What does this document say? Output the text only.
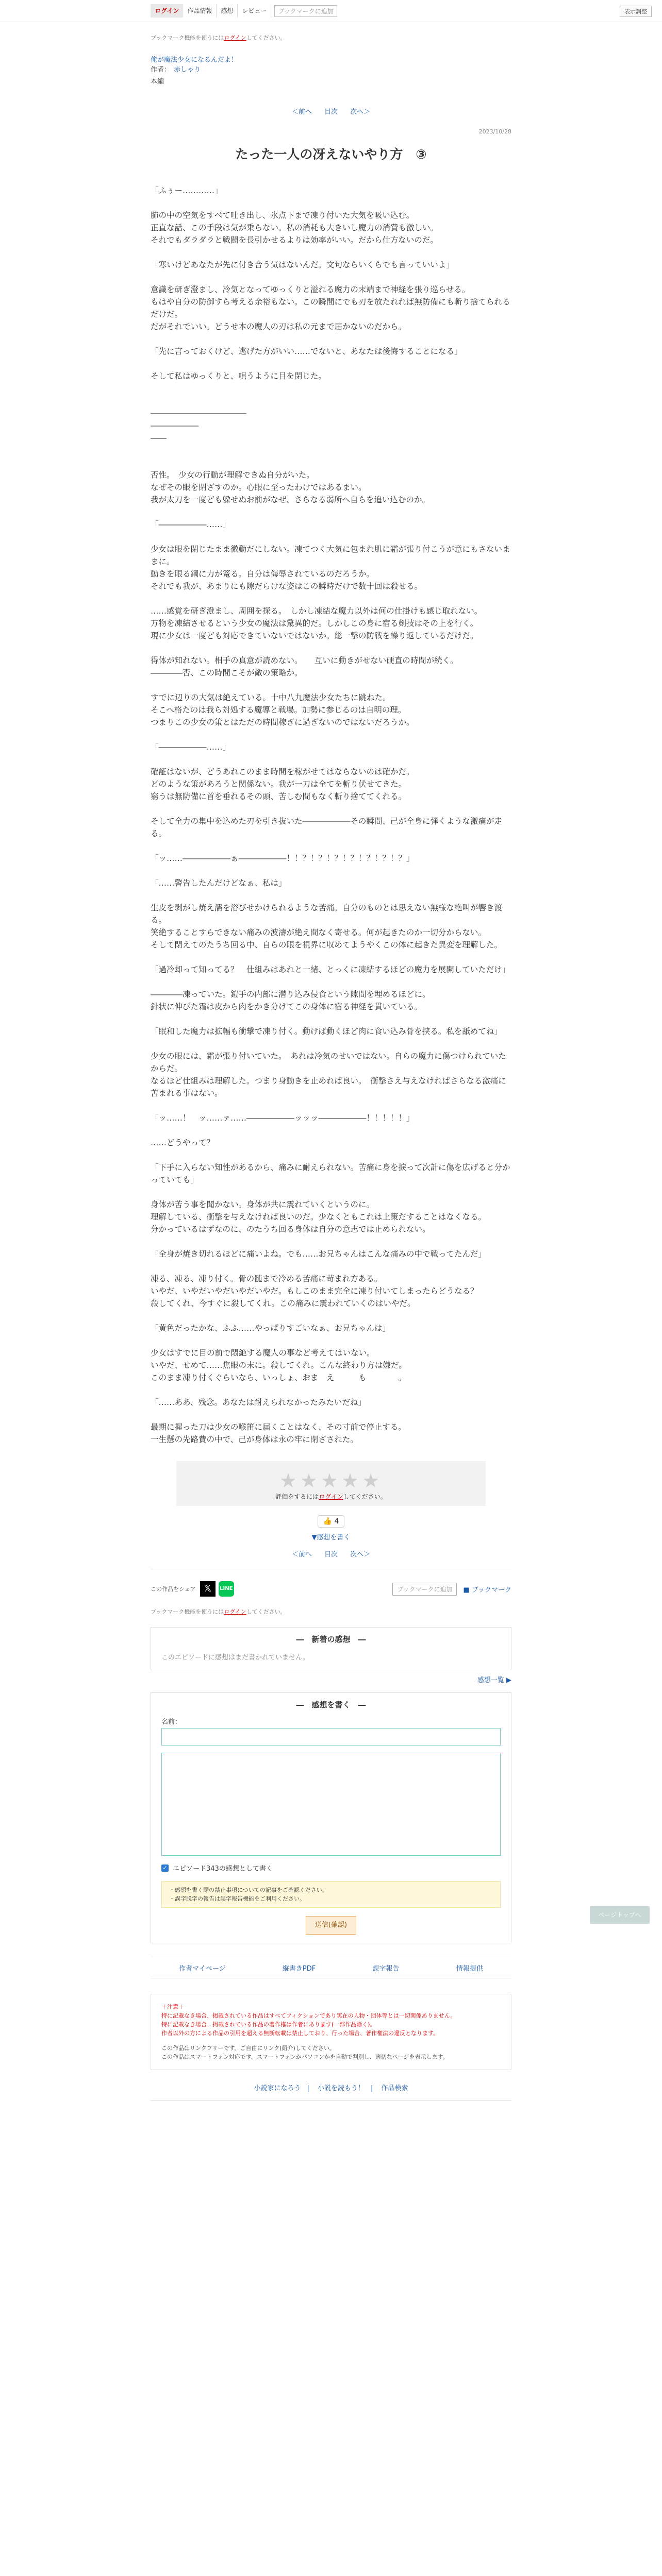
ログイン	作品情報	感想	レビュー	ブックマークに追加	表示調整
ブックマーク機能を使うにはログインしてください。
俺が魔法少女になるんだよ！
作者： 赤しゃり
本編
＜前へ 目次 次へ＞
2023/10/28
たった一人の冴えないやり方　③
「ふぅー…………」
肺の中の空気をすべて吐き出し、氷点下まで凍り付いた大気を吸い込む。
正直な話、この手段は気が乗らない。私の消耗も大きいし魔力の消費も激しい。
それでもダラダラと戦闘を長引かせるよりは効率がいい。だから仕方ないのだ。
「寒いけどあなたが先に付き合う気はないんだ。文句ならいくらでも言っていいよ」
意識を研ぎ澄まし、冷気となってゆっくりと溢れる魔力の末端まで神経を張り巡らせる。
もはや自分の防御すら考える余裕もない。この瞬間にでも刃を放たれれば無防備にも斬り捨てられるだけだ。
だがそれでいい。どうせ本の魔人の刃は私の元まで届かないのだから。
「先に言っておくけど、逃げた方がいい……でないと、あなたは後悔することになる」
そして私はゆっくりと、唄うように目を閉じた。

――――――――――――
――――――
――

否性。　少女の行動が理解できぬ自分がいた。
なぜその眼を閉ざすのか。心眼に至ったわけではあるまい。
我が太刀を一度ども躱せぬお前がなぜ、さらなる弱所へ自らを追い込むのか。
「――――――……」
少女は眼を閉じたまま微動だにしない。凍てつく大気に包まれ肌に霜が張り付こうが意にもさないままに。
動きを眼る鋼に力が篭る。自分は侮辱されているのだろうか。
それでも我が、あまりにも隙だらけな姿はこの瞬時だけで数十回は殺せる。
……感覚を研ぎ澄まし、周囲を探る。　しかし凍結な魔力以外は何の仕掛けも感じ取れない。
万物を凍結させるという少女の魔法は驚異的だ。しかしこの身に宿る剣技はその上を行く。
現に少女は一度ども対応できていないではないか。総一撃の防戦を繰り返しているだけだ。
得体が知れない。相手の真意が読めない。　　互いに動きがせない硬直の時間が続く。
――――否、この時間こそが敵の策略か。
すでに辺りの大気は絶えている。十中八九魔法少女たちに跳ねた。
そこへ格たのは我ら対処する魔導と戦場。加勢に参じるのは自明の理。
つまりこの少女の策とはただの時間稼ぎに過ぎないのではないだろうか。
「――――――……」
確証はないが、どうあれこのまま時間を稼がせてはならないのは確かだ。
どのような策があろうと関係ない。我が一刀は全てを斬り伏せてきた。
窮うは無防備に首を垂れるその頭、苦しむ間もなく斬り捨ててくれる。
そして全力の集中を込めた刃を引き抜いた――――――その瞬間、己が全身に弾くような激痛が走る。
「ッ……――――――ぁ――――――！！？！？！？！？！？！？！？」
「……警告したんだけどなぁ、私は」
生皮を剥がし焼え濡を浴びせかけられるような苦痛。自分のものとは思えない無様な絶叫が響き渡る。
笑絶することすらできない痛みの波濤が絶え間なく寄せる。何が起きたのか一切分からない。
そして閉えてのたうち回る中、自らの眼を視界に収めてようやくこの体に起きた異変を理解した。
「過冷却って知ってる？　仕組みはあれと一緒、とっくに凍結するほどの魔力を展開していただけ」
――――凍っていた。鎧手の内部に潜り込み侵食という隙間を埋めるほどに。
針状に伸びた霜は皮から肉をかき分けてこの身体に宿る神経を貫いている。
「眠和した魔力は拡幅も衝撃で凍り付く。動けば動くほど肉に食い込み骨を挟る。私を舐めてね」
少女の眼には、霜が張り付いていた。　あれは冷気のせいではない。自らの魔力に傷つけられていたからだ。
なるほど仕組みは理解した。つまり身動きを止めれば良い。　衝撃さえ与えなければさらなる激痛に苦まれる事はない。
「ッ……！　ッ……ァ……――――――ッッッ――――――！！！！！」
……どうやって？
「下手に入らない知性があるから、痛みに耐えられない。苦痛に身を捩って次計に傷を広げると分かっていても」
身体が苦う事を聞かない。身体が共に震れていくというのに。
理解している、衝撃を与えなければ良いのだ。少なくともこれは上策だすることはなくなる。
分かっているはずなのに、のたうち回る身体は自分の意志では止められない。
「全身が焼き切れるほどに痛いよね。でも……お兄ちゃんはこんな痛みの中で戦ってたんだ」
凍る、凍る、凍り付く。骨の髄まで冷める苦痛に苛まれ方ある。
いやだ、いやだいやだいやだいやだ。もしこのまま完全に凍り付いてしまったらどうなる？
殺してくれ、今すぐに殺してくれ。この痛みに震われていくのはいやだ。
「黄色だったかな、ふふ……やっぱりすごいなぁ、お兄ちゃんは」
少女はすでに目の前で悶絶する魔人の事など考えてはいない。
いやだ、せめて……焦眼の末に。殺してくれ。こんな終わり方は嫌だ。
このまま凍り付くぐらいなら、いっしょ、おま　え　　　も　　　　。
「……ああ、残念。あなたは耐えられなかったみたいだね」
最期に握った刀は少女の喉笛に届くことはなく、その寸前で停止する。
一生懸の先路費の中で、己が身体は永の牢に閉ざされた。
★★★★★
評価をするにはログインしてください。
👍 4
▼感想を書く
＜前へ 目次 次へ＞
この作品をシェア 𝕏	LINE	ブックマークに追加	■ ブックマーク
ブックマーク機能を使うにはログインしてください。
―　新着の感想　―
このエピソードに感想はまだ書かれていません。
感想一覧 ▶
―　感想を書く　―
名前：
✓ エピソード343の感想として書く
・感想を書く際の禁止事項についての記事をご確認ください。
・誤字脱字の報告は誤字報告機能をご利用ください。
送信(確認)
作者マイページ	縦書きPDF	誤字報告	情報提供
＋注意＋
特に記載なき場合、掲載されている作品はすべてフィクションであり実在の人物・団体等とは一切関係ありません。
特に記載なき場合、掲載されている作品の著作権は作者にあります(一部作品除く)。
作者以外の方による作品の引用を超える無断転載は禁止しており、行った場合、著作権法の違反となります。
この作品はリンクフリーです。ご自由にリンク(紹介)してください。
この作品はスマートフォン対応です。スマートフォンかパソコンかを自動で判別し、適切なページを表示します。
小説家になろう | 小説を読もう！ | 作品検索
ページトップへ
